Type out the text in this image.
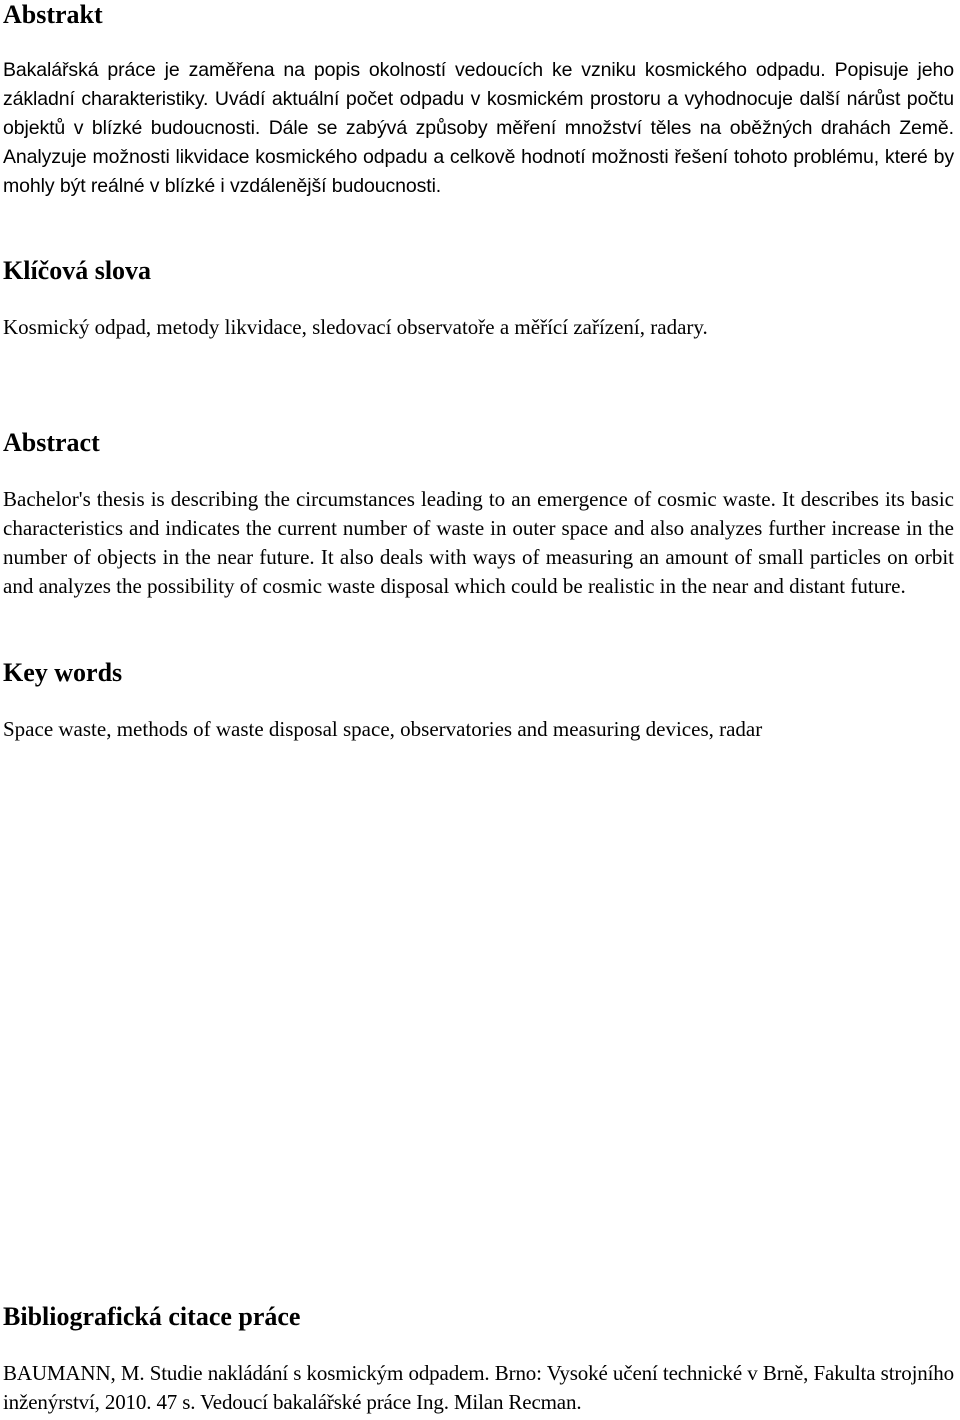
Abstrakt

Bakalářská práce je zaměřena na popis okolností vedoucích ke vzniku kosmického odpadu. Popisuje jeho základní charakteristiky. Uvádí aktuální počet odpadu v kosmickém prostoru a vyhodnocuje další nárůst počtu objektů v blízké budoucnosti. Dále se zabývá způsoby měření množství těles na oběžných drahách Země. Analyzuje možnosti likvidace kosmického odpadu a celkově hodnotí možnosti řešení tohoto problému, které by mohly být reálné v blízké i vzdálenější budoucnosti.

Klíčová slova

Kosmický odpad, metody likvidace, sledovací observatoře a měřící zařízení, radary.

Abstract

Bachelor's thesis is describing the circumstances leading to an emergence of cosmic waste. It describes its basic characteristics and indicates the current number of waste in outer space and also analyzes further increase in the number of objects in the near future. It also deals with ways of measuring an amount of small particles on orbit and analyzes the possibility of cosmic waste disposal which could be realistic in the near and distant future.

Key words

Space waste, methods of waste disposal space, observatories and measuring devices, radar

Bibliografická citace práce

BAUMANN, M. Studie nakládání s kosmickým odpadem. Brno: Vysoké učení technické v Brně, Fakulta strojního inženýrství, 2010. 47 s. Vedoucí bakalářské práce Ing. Milan Recman.
